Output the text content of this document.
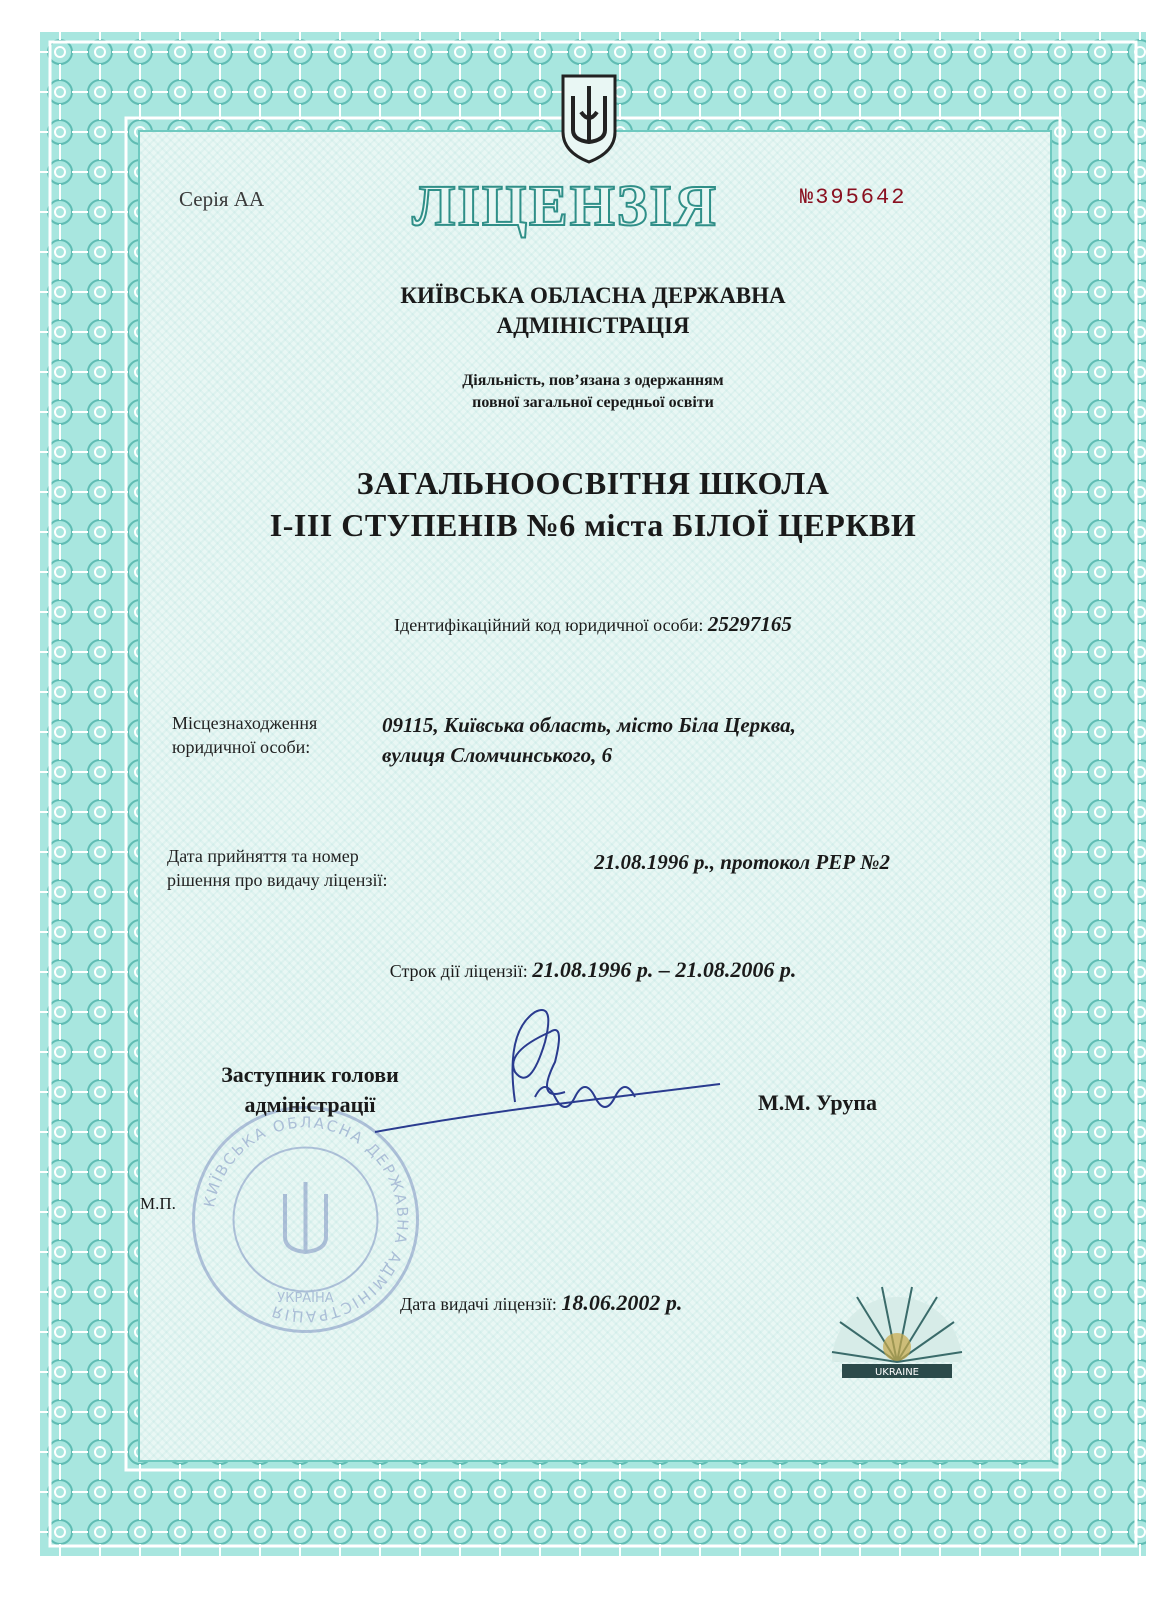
Серія АА	ЛІЦЕНЗІЯ	№395642
КИЇВСЬКА ОБЛАСНА ДЕРЖАВНА
АДМІНІСТРАЦІЯ
Діяльність, пов’язана з одержанням
повної загальної середньої освіти
ЗАГАЛЬНООСВІТНЯ ШКОЛА
І-ІІІ СТУПЕНІВ №6 міста БІЛОЇ ЦЕРКВИ
Ідентифікаційний код юридичної особи: 25297165
Місцезнаходження
юридичної особи:
09115, Київська область, місто Біла Церква,
вулиця Сломчинського, 6
Дата прийняття та номер
рішення про видачу ліцензії:
21.08.1996 р., протокол РЕР №2
Строк дії ліцензії: 21.08.1996 р. – 21.08.2006 р.
КИЇВСЬКА ОБЛАСНА ДЕРЖАВНА АДМІНІСТРАЦІЯ
УКРАЇНА
Заступник голови
адміністрації	М.М. Урупа
М.П.
Дата видачі ліцензії: 18.06.2002 р.
UKRAINE
